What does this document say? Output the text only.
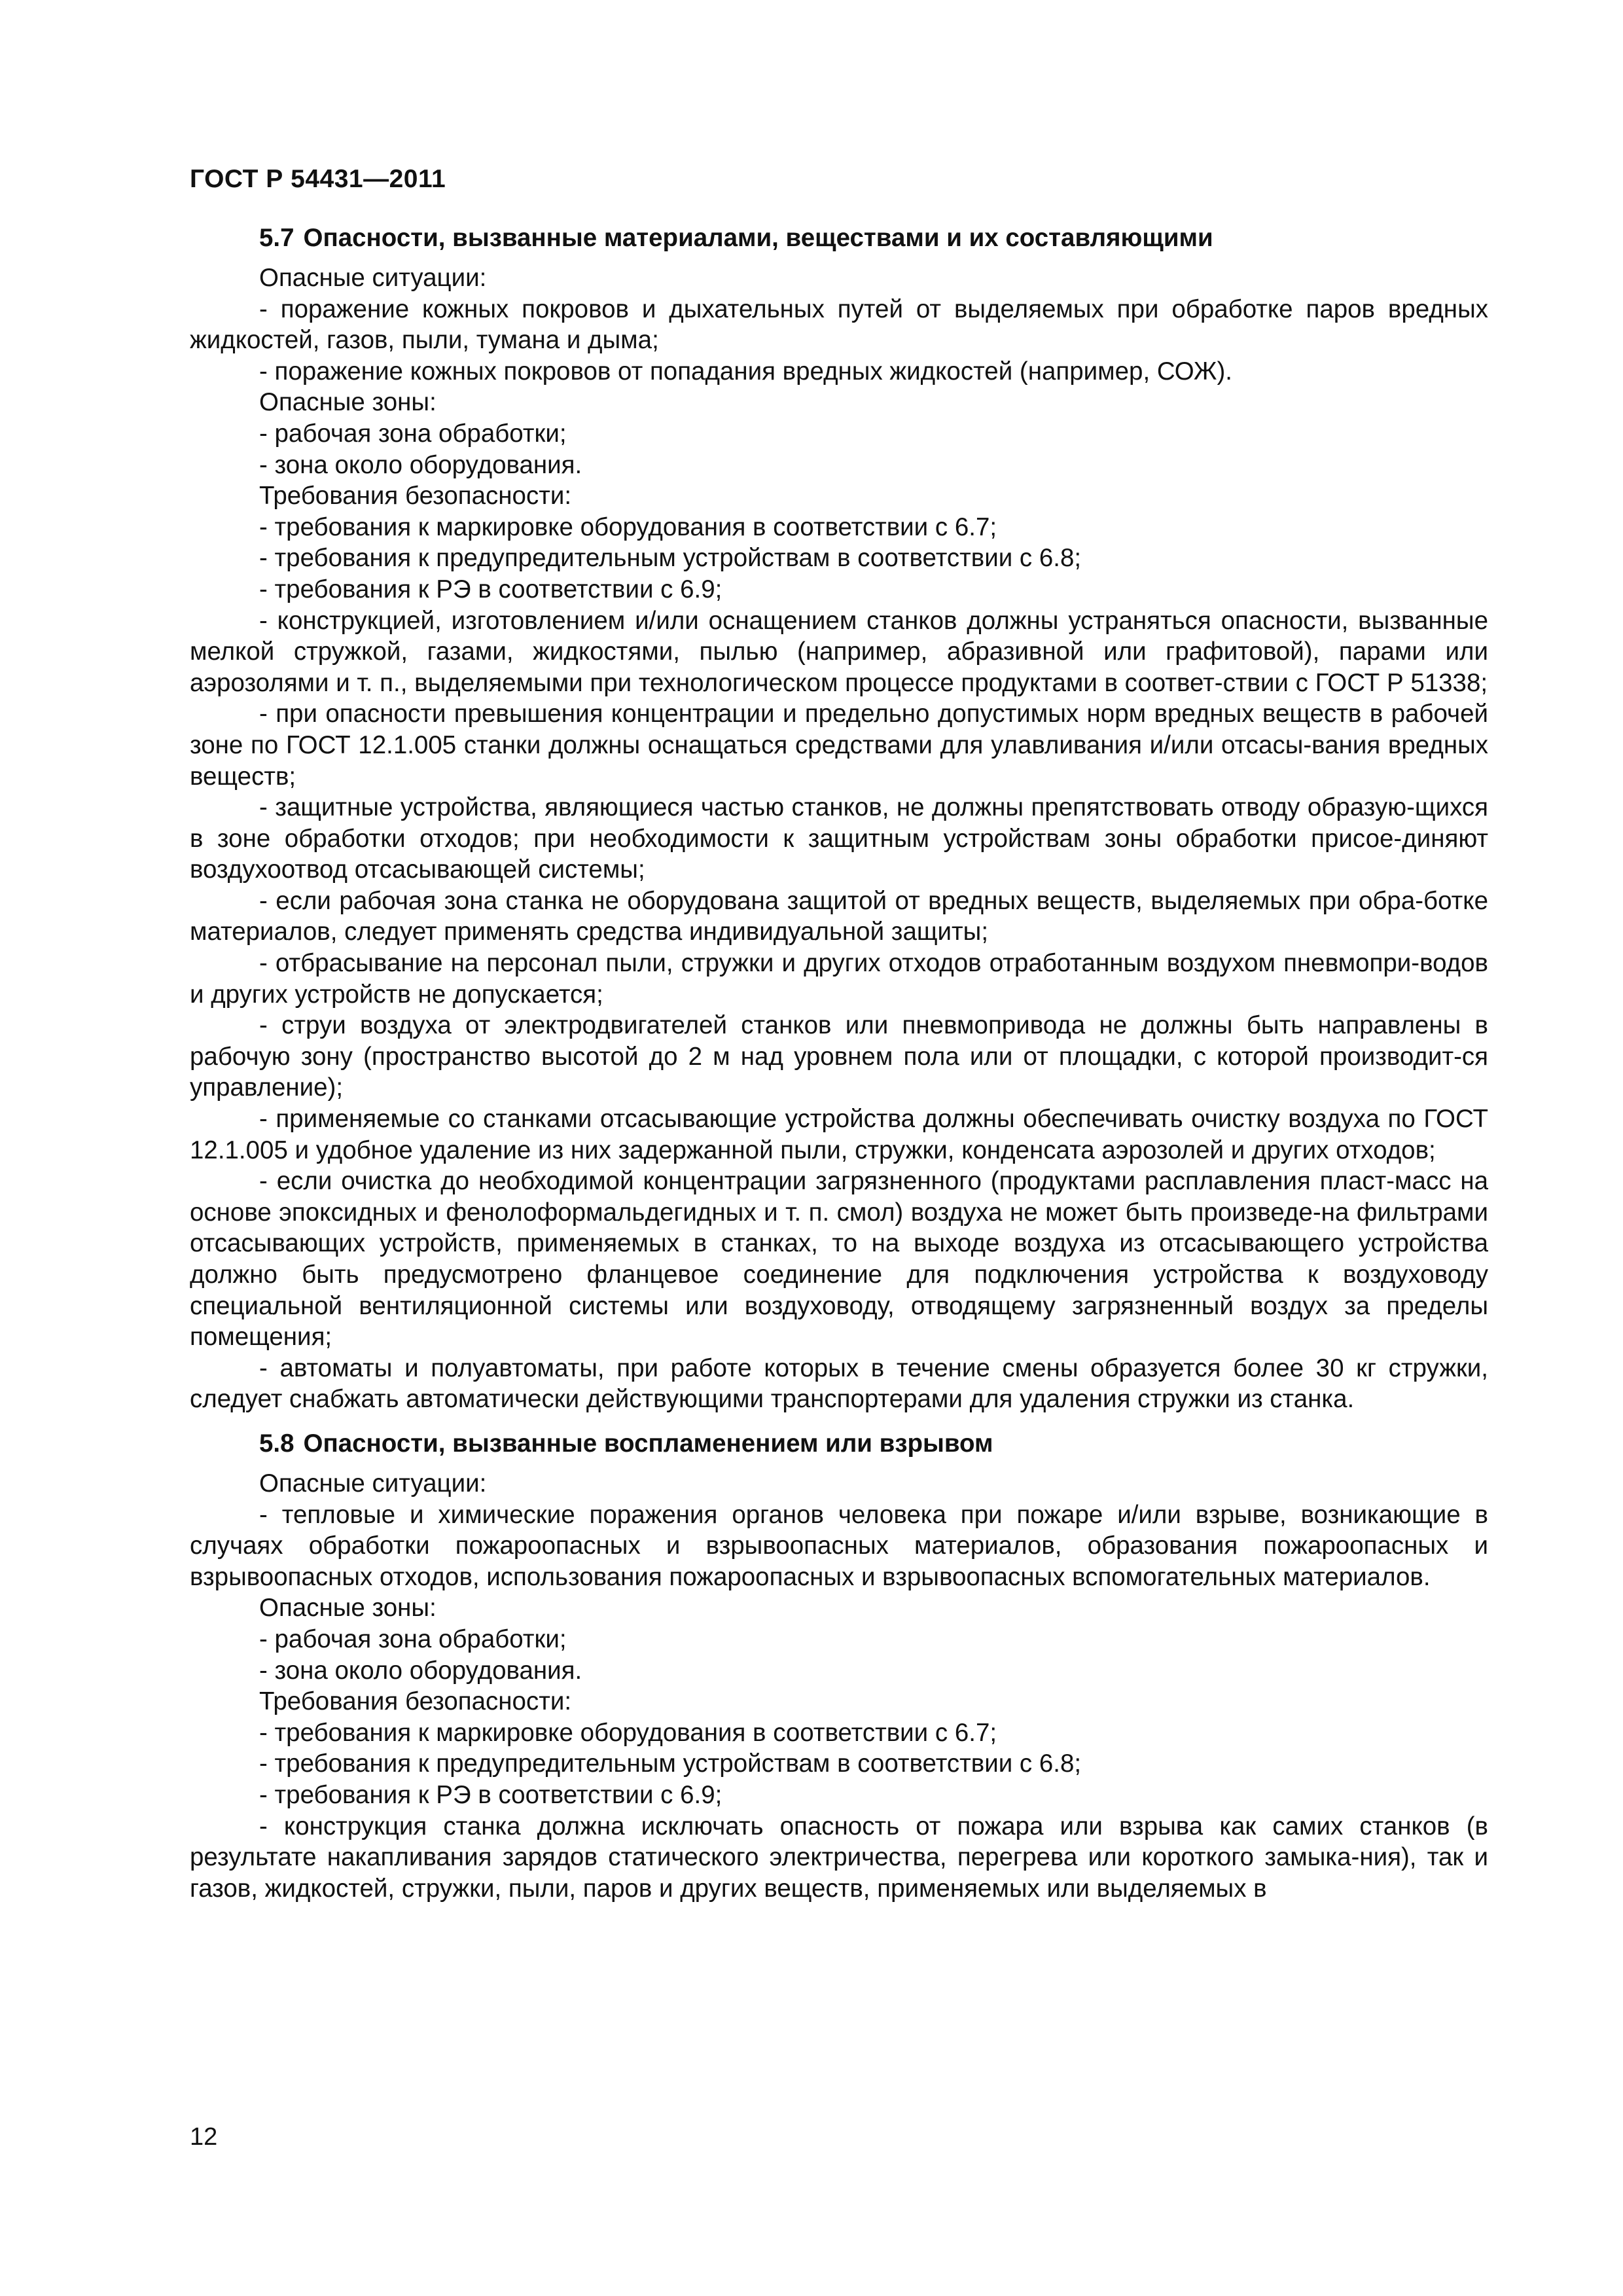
ГОСТ Р 54431—2011
5.7 Опасности, вызванные материалами, веществами и их составляющими

Опасные ситуации:

- поражение кожных покровов и дыхательных путей от выделяемых при обработке паров вредных жидкостей, газов, пыли, тумана и дыма;

- поражение кожных покровов от попадания вредных жидкостей (например, СОЖ).

Опасные зоны:

- рабочая зона обработки;

- зона около оборудования.

Требования безопасности:

- требования к маркировке оборудования в соответствии с 6.7;

- требования к предупредительным устройствам в соответствии с 6.8;

- требования к РЭ в соответствии с 6.9;

- конструкцией, изготовлением и/или оснащением станков должны устраняться опасности, вызванные мелкой стружкой, газами, жидкостями, пылью (например, абразивной или графитовой), парами или аэрозолями и т. п., выделяемыми при технологическом процессе продуктами в соответ-ствии с ГОСТ Р 51338;

- при опасности превышения концентрации и предельно допустимых норм вредных веществ в рабочей зоне по ГОСТ 12.1.005 станки должны оснащаться средствами для улавливания и/или отсасы-вания вредных веществ;

- защитные устройства, являющиеся частью станков, не должны препятствовать отводу образую-щихся в зоне обработки отходов; при необходимости к защитным устройствам зоны обработки присое-диняют воздухоотвод отсасывающей системы;

- если рабочая зона станка не оборудована защитой от вредных веществ, выделяемых при обра-ботке материалов, следует применять средства индивидуальной защиты;

- отбрасывание на персонал пыли, стружки и других отходов отработанным воздухом пневмопри-водов и других устройств не допускается;

- струи воздуха от электродвигателей станков или пневмопривода не должны быть направлены в рабочую зону (пространство высотой до 2 м над уровнем пола или от площадки, с которой производит-ся управление);

- применяемые со станками отсасывающие устройства должны обеспечивать очистку воздуха по ГОСТ 12.1.005 и удобное удаление из них задержанной пыли, стружки, конденсата аэрозолей и других отходов;

- если очистка до необходимой концентрации загрязненного (продуктами расплавления пласт-масс на основе эпоксидных и фенолоформальдегидных и т. п. смол) воздуха не может быть произведе-на фильтрами отсасывающих устройств, применяемых в станках, то на выходе воздуха из отсасывающего устройства должно быть предусмотрено фланцевое соединение для подключения устройства к воздуховоду специальной вентиляционной системы или воздуховоду, отводящему загрязненный воздух за пределы помещения;

- автоматы и полуавтоматы, при работе которых в течение смены образуется более 30 кг стружки, следует снабжать автоматически действующими транспортерами для удаления стружки из станка.

5.8 Опасности, вызванные воспламенением или взрывом

Опасные ситуации:

- тепловые и химические поражения органов человека при пожаре и/или взрыве, возникающие в случаях обработки пожароопасных и взрывоопасных материалов, образования пожароопасных и взрывоопасных отходов, использования пожароопасных и взрывоопасных вспомогательных материалов.

Опасные зоны:

- рабочая зона обработки;

- зона около оборудования.

Требования безопасности:

- требования к маркировке оборудования в соответствии с 6.7;

- требования к предупредительным устройствам в соответствии с 6.8;

- требования к РЭ в соответствии с 6.9;

- конструкция станка должна исключать опасность от пожара или взрыва как самих станков (в результате накапливания зарядов статического электричества, перегрева или короткого замыка-ния), так и газов, жидкостей, стружки, пыли, паров и других веществ, применяемых или выделяемых в

12
